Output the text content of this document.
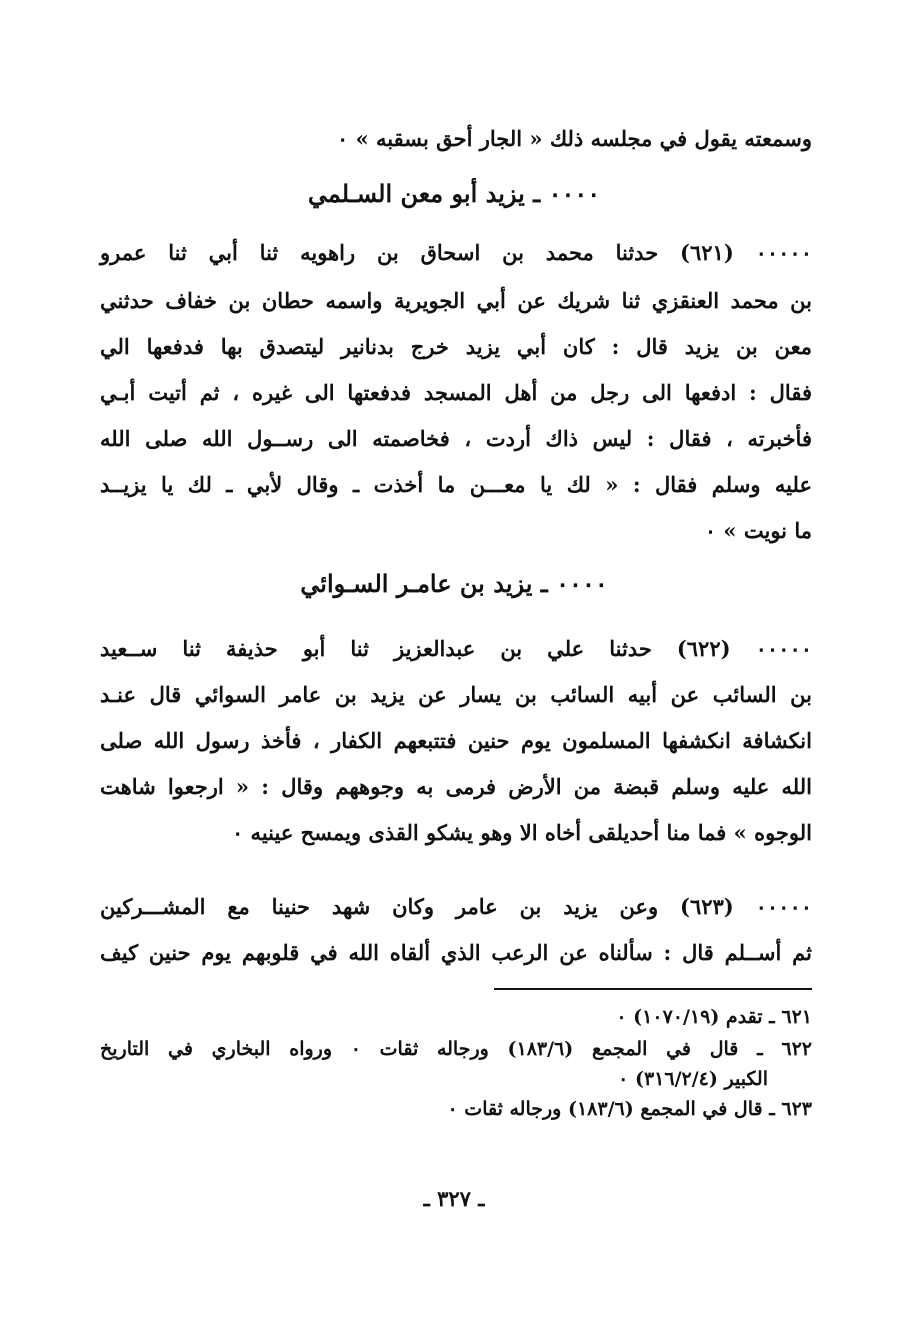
وسمعته يقول في مجلسه ذلك « الجار أحق بسقبه » ٠
٠٠٠٠ ـ يزيد أبو معن السـلمي
٠٠٠٠٠ (٦٢١) حدثنا محمد بن اسحاق بن راهويه ثنا أبي ثنا عمرو
بن محمد العنقزي ثنا شريك عن أبي الجويرية واسمه حطان بن خفاف حدثني
معن بن يزيد قال : كان أبي يزيد خرج بدنانير ليتصدق بها فدفعها الي
فقال : ادفعها الى رجل من أهل المسجد فدفعتها الى غيره ، ثم أتيت أبـي
فأخبرته ، فقال : ليس ذاك أردت ، فخاصمته الى رســول الله صلى الله
عليه وسلم فقال : « لك يا معـــن ما أخذت ـ وقال لأبي ـ لك يا يزيــد
ما نويت » ٠
٠٠٠٠ ـ يزيد بن عامـر السـوائي
٠٠٠٠٠ (٦٢٢) حدثنا علي بن عبدالعزيز ثنا أبو حذيفة ثنا ســعيد
بن السائب عن أبيه السائب بن يسار عن يزيد بن عامر السوائي قال عنـد
انكشافة انكشفها المسلمون يوم حنين فتتبعهم الكفار ، فأخذ رسول الله صلى
الله عليه وسلم قبضة من الأرض فرمى به وجوههم وقال : « ارجعوا شاهت
الوجوه » فما منا أحديلقى أخاه الا وهو يشكو القذى ويمسح عينيه ٠
٠٠٠٠٠ (٦٢٣) وعن يزيد بن عامر وكان شهد حنينا مع المشـــركين
ثم أســلم قال : سألناه عن الرعب الذي ألقاه الله في قلوبهم يوم حنين كيف
٦٢١ ـ تقدم (١٠٧٠/١٩) ٠
٦٢٢ ـ قال في المجمع (١٨٣/٦) ورجاله ثقات ٠ ورواه البخاري في التاريخ
الكبير (٣١٦/٢/٤) ٠
٦٢٣ ـ قال في المجمع (١٨٣/٦) ورجاله ثقات ٠
ـ ٣٢٧ ـ
